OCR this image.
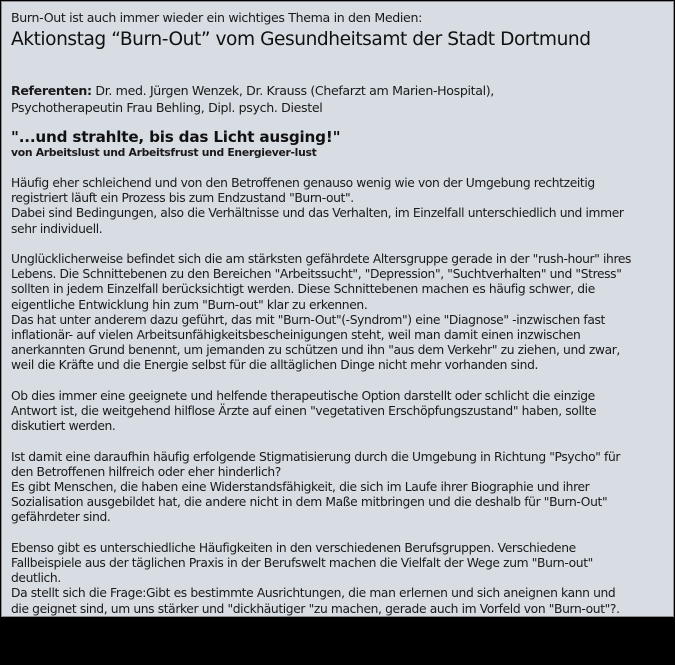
Burn-Out ist auch immer wieder ein wichtiges Thema in den Medien:

Aktionstag “Burn-Out” vom Gesundheitsamt der Stadt Dortmund

Referenten: Dr. med. Jürgen Wenzek, Dr. Krauss (Chefarzt am Marien-Hospital),
Psychotherapeutin Frau Behling, Dipl. psych. Diestel

"...und strahlte, bis das Licht ausging!"

von Arbeitslust und Arbeitsfrust und Energiever-lust

Häufig eher schleichend und von den Betroffenen genauso wenig wie von der Umgebung rechtzeitig
registriert läuft ein Prozess bis zum Endzustand "Burn-out".
Dabei sind Bedingungen, also die Verhältnisse und das Verhalten, im Einzelfall unterschiedlich und immer
sehr individuell.

Unglücklicherweise befindet sich die am stärksten gefährdete Altersgruppe gerade in der "rush-hour" ihres
Lebens. Die Schnittebenen zu den Bereichen "Arbeitssucht", "Depression", "Suchtverhalten" und "Stress"
sollten in jedem Einzelfall berücksichtigt werden. Diese Schnittebenen machen es häufig schwer, die
eigentliche Entwicklung hin zum "Burn-out" klar zu erkennen.
Das hat unter anderem dazu geführt, das mit "Burn-Out"(-Syndrom") eine "Diagnose" -inzwischen fast
inflationär- auf vielen Arbeitsunfähigkeitsbescheinigungen steht, weil man damit einen inzwischen
anerkannten Grund benennt, um jemanden zu schützen und ihn "aus dem Verkehr" zu ziehen, und zwar,
weil die Kräfte und die Energie selbst für die alltäglichen Dinge nicht mehr vorhanden sind.

Ob dies immer eine geeignete und helfende therapeutische Option darstellt oder schlicht die einzige
Antwort ist, die weitgehend hilflose Ärzte auf einen "vegetativen Erschöpfungszustand" haben, sollte
diskutiert werden.

Ist damit eine daraufhin häufig erfolgende Stigmatisierung durch die Umgebung in Richtung "Psycho" für
den Betroffenen hilfreich oder eher hinderlich?
Es gibt Menschen, die haben eine Widerstandsfähigkeit, die sich im Laufe ihrer Biographie und ihrer
Sozialisation ausgebildet hat, die andere nicht in dem Maße mitbringen und die deshalb für "Burn-Out"
gefährdeter sind.

Ebenso gibt es unterschiedliche Häufigkeiten in den verschiedenen Berufsgruppen. Verschiedene
Fallbeispiele aus der täglichen Praxis in der Berufswelt machen die Vielfalt der Wege zum "Burn-out"
deutlich.
Da stellt sich die Frage:Gibt es bestimmte Ausrichtungen, die man erlernen und sich aneignen kann und
die geignet sind, um uns stärker und "dickhäutiger "zu machen, gerade auch im Vorfeld von "Burn-out"?.
